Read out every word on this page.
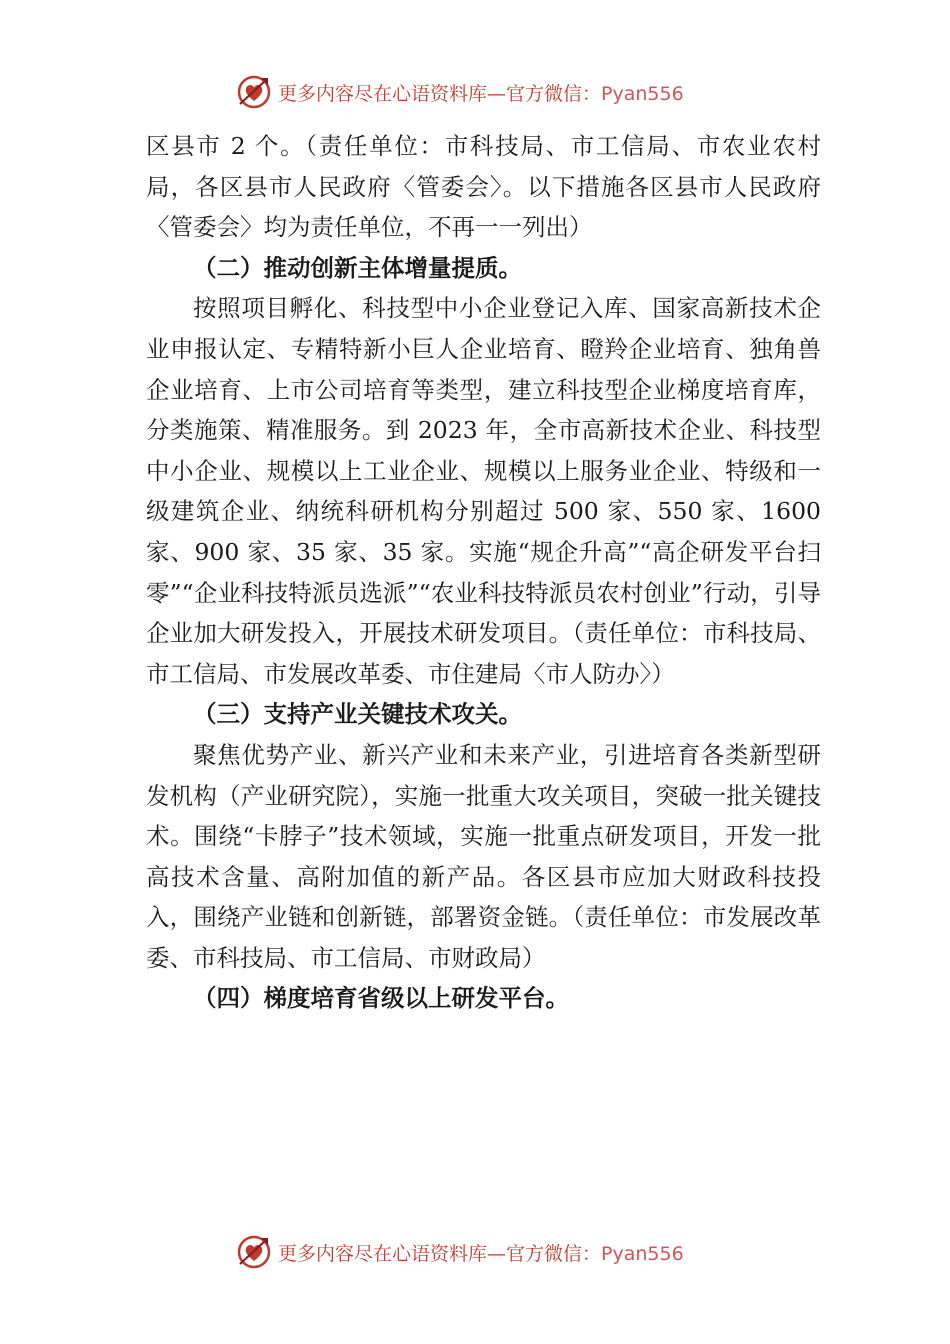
更多内容尽在心语资料库—官方微信：Pyan556

区县市 2 个。（责任单位：市科技局、市工信局、市农业农村局，各区县市人民政府〈管委会〉。以下措施各区县市人民政府〈管委会〉均为责任单位，不再一一列出）

（二）推动创新主体增量提质。

按照项目孵化、科技型中小企业登记入库、国家高新技术企业申报认定、专精特新小巨人企业培育、瞪羚企业培育、独角兽企业培育、上市公司培育等类型，建立科技型企业梯度培育库，分类施策、精准服务。到 2023 年，全市高新技术企业、科技型中小企业、规模以上工业企业、规模以上服务业企业、特级和一级建筑企业、纳统科研机构分别超过 500 家、550 家、1600 家、900 家、35 家、35 家。实施“规企升高”“高企研发平台扫零”“企业科技特派员选派”“农业科技特派员农村创业”行动，引导企业加大研发投入，开展技术研发项目。（责任单位：市科技局、市工信局、市发展改革委、市住建局〈市人防办〉）

（三）支持产业关键技术攻关。

聚焦优势产业、新兴产业和未来产业，引进培育各类新型研发机构（产业研究院），实施一批重大攻关项目，突破一批关键技术。围绕“卡脖子”技术领域，实施一批重点研发项目，开发一批高技术含量、高附加值的新产品。各区县市应加大财政科技投入，围绕产业链和创新链，部署资金链。（责任单位：市发展改革委、市科技局、市工信局、市财政局）

（四）梯度培育省级以上研发平台。

更多内容尽在心语资料库—官方微信：Pyan556
